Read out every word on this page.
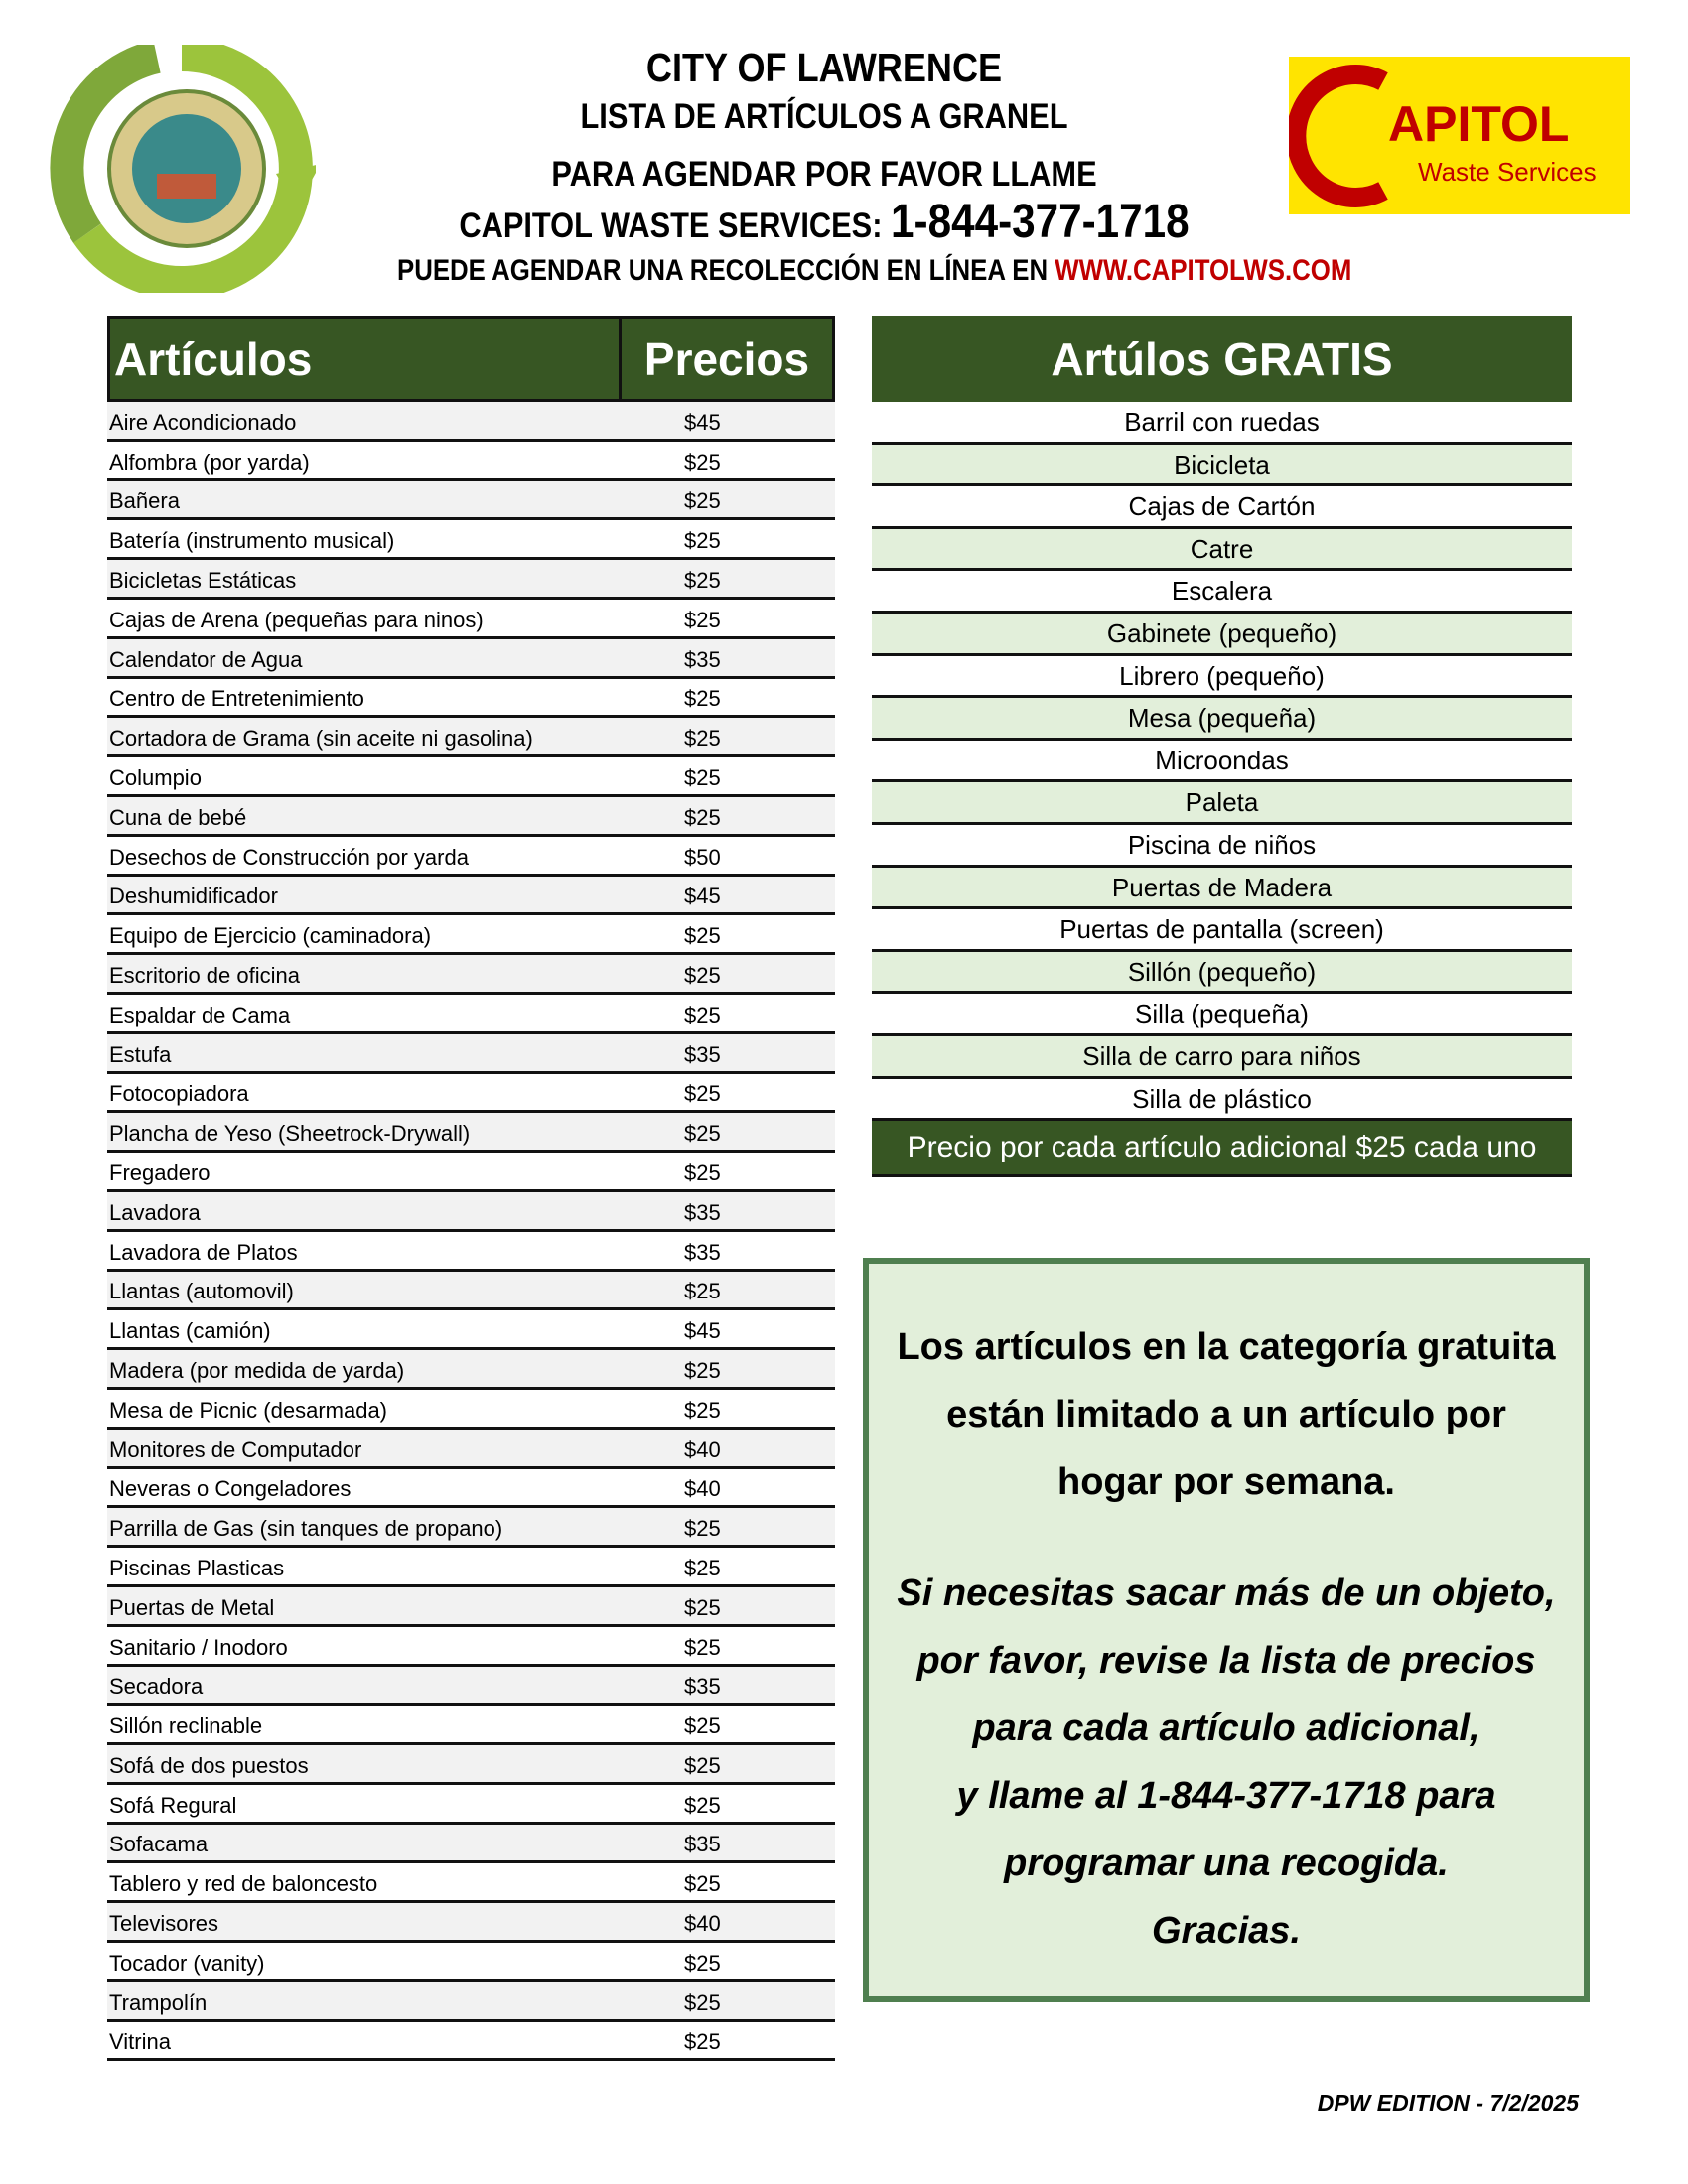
CITY OF LAWRENCE
LISTA DE ARTÍCULOS A GRANEL
PARA AGENDAR POR FAVOR LLAME
CAPITOL WASTE SERVICES: 1-844-377-1718
PUEDE AGENDAR UNA RECOLECCIÓN EN LÍNEA EN WWW.CAPITOLWS.COM
APITOL
Waste Services
Artículos	Precios
Aire Acondicionado	$45
Alfombra (por yarda)	$25
Bañera	$25
Batería (instrumento musical)	$25
Bicicletas Estáticas	$25
Cajas de Arena (pequeñas para ninos)	$25
Calendator de Agua	$35
Centro de Entretenimiento	$25
Cortadora de Grama (sin aceite ni gasolina)	$25
Columpio	$25
Cuna de bebé	$25
Desechos de Construcción por yarda	$50
Deshumidificador	$45
Equipo de Ejercicio (caminadora)	$25
Escritorio de oficina	$25
Espaldar de Cama	$25
Estufa	$35
Fotocopiadora	$25
Plancha de Yeso (Sheetrock-Drywall)	$25
Fregadero	$25
Lavadora	$35
Lavadora de Platos	$35
Llantas (automovil)	$25
Llantas (camión)	$45
Madera (por medida de yarda)	$25
Mesa de Picnic (desarmada)	$25
Monitores de Computador	$40
Neveras o Congeladores	$40
Parrilla de Gas (sin tanques de propano)	$25
Piscinas Plasticas	$25
Puertas de Metal	$25
Sanitario / Inodoro	$25
Secadora	$35
Sillón reclinable	$25
Sofá de dos puestos	$25
Sofá Regural	$25
Sofacama	$35
Tablero y red de baloncesto	$25
Televisores	$40
Tocador (vanity)	$25
Trampolín	$25
Vitrina	$25
Artúlos GRATIS
Barril con ruedas
Bicicleta
Cajas de Cartón
Catre
Escalera
Gabinete (pequeño)
Librero (pequeño)
Mesa (pequeña)
Microondas
Paleta
Piscina de niños
Puertas de Madera
Puertas de pantalla (screen)
Sillón (pequeño)
Silla (pequeña)
Silla de carro para niños
Silla de plástico
Precio por cada artículo adicional $25 cada uno
Los artículos en la categoría gratuita
están limitado a un artículo por
hogar por semana.
Si necesitas sacar más de un objeto,
por favor, revise la lista de precios
para cada artículo adicional,
y llame al 1-844-377-1718 para
programar una recogida.
Gracias.
DPW EDITION - 7/2/2025
